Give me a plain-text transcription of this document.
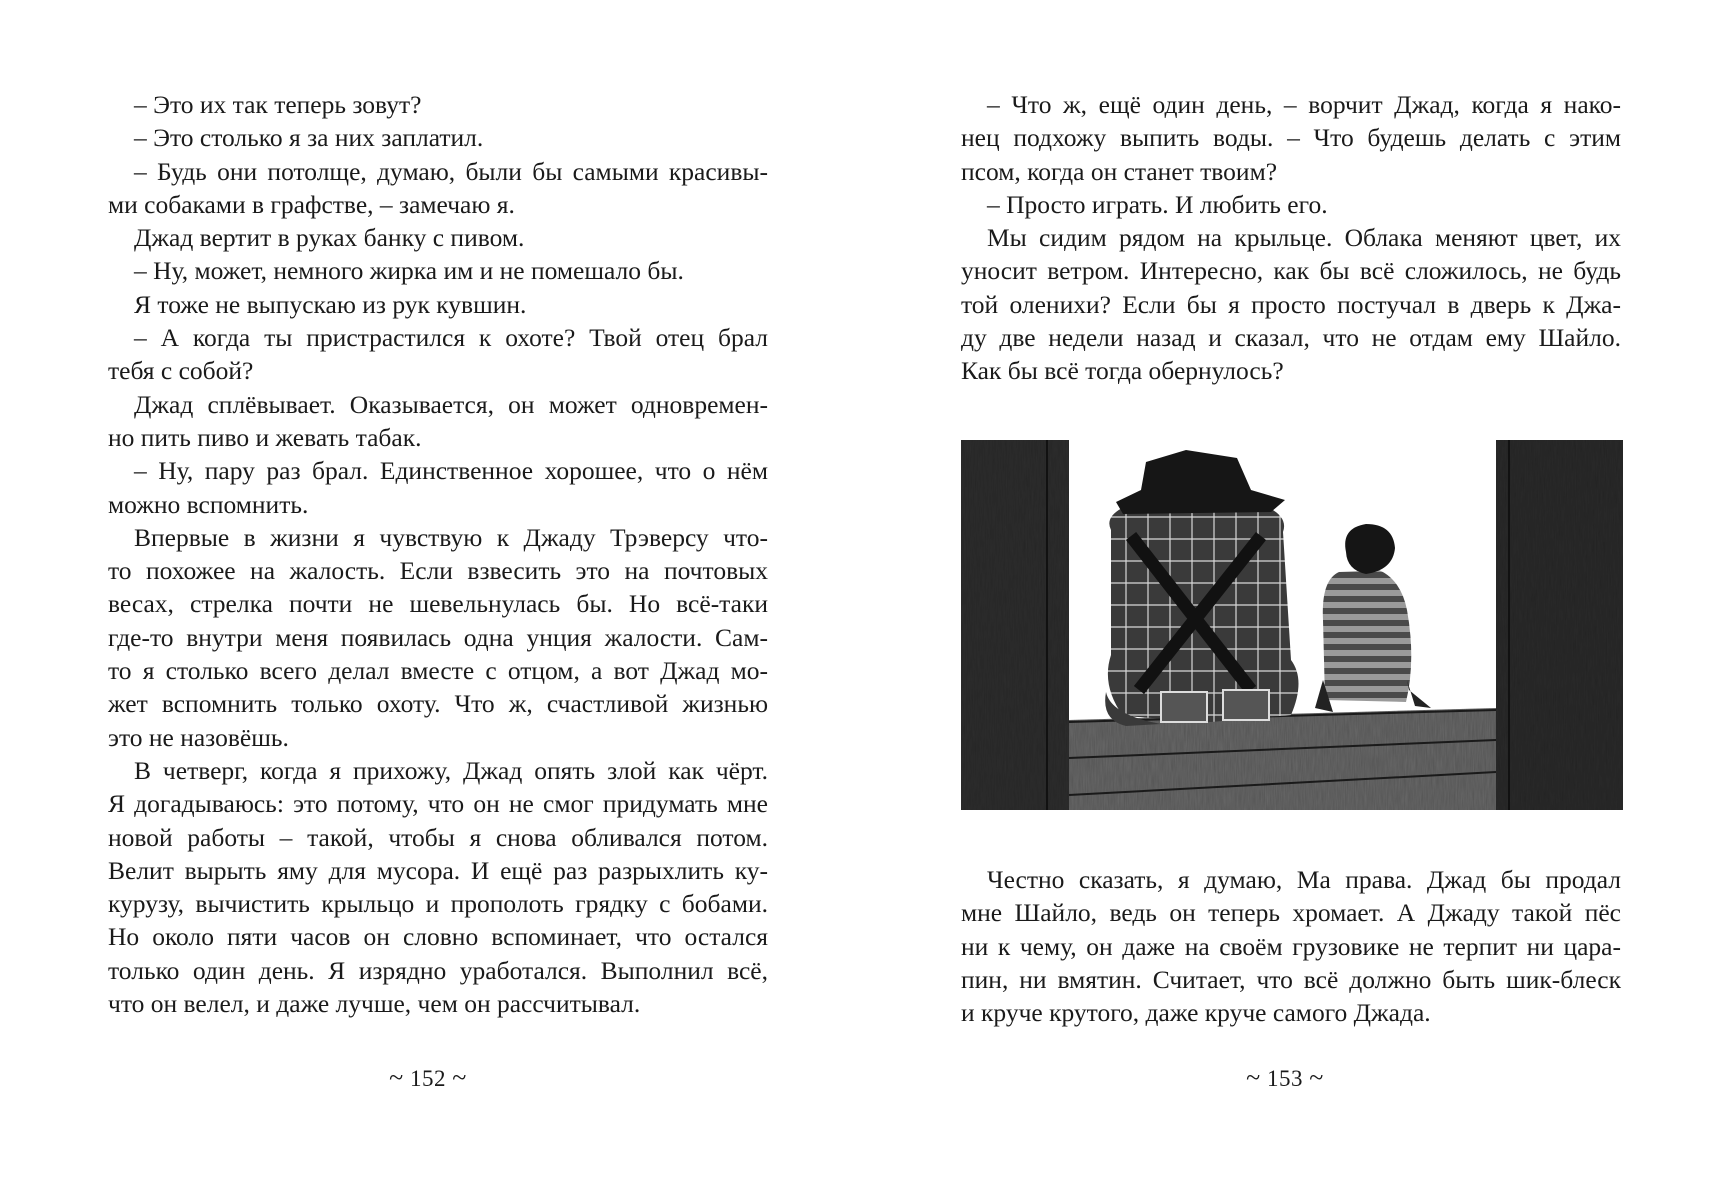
– Это их так теперь зовут?
– Это столько я за них заплатил.
– Будь они потолще, думаю, были бы самыми красивы-
ми собаками в графстве, – замечаю я.
Джад вертит в руках банку с пивом.
– Ну, может, немного жирка им и не помешало бы.
Я тоже не выпускаю из рук кувшин.
– А когда ты пристрастился к охоте? Твой отец брал
тебя с собой?
Джад сплёвывает. Оказывается, он может одновремен-
но пить пиво и жевать табак.
– Ну, пару раз брал. Единственное хорошее, что о нём
можно вспомнить.
Впервые в жизни я чувствую к Джаду Трэверсу что-
то похожее на жалость. Если взвесить это на почтовых
весах, стрелка почти не шевельнулась бы. Но всё-таки
где-то внутри меня появилась одна унция жалости. Сам-
то я столько всего делал вместе с отцом, а вот Джад мо-
жет вспомнить только охоту. Что ж, счастливой жизнью
это не назовёшь.
В четверг, когда я прихожу, Джад опять злой как чёрт.
Я догадываюсь: это потому, что он не смог придумать мне
новой работы – такой, чтобы я снова обливался потом.
Велит вырыть яму для мусора. И ещё раз разрыхлить ку-
курузу, вычистить крыльцо и прополоть грядку с бобами.
Но около пяти часов он словно вспоминает, что остался
только один день. Я изрядно уработался. Выполнил всё,
что он велел, и даже лучше, чем он рассчитывал.
~ 152 ~
– Что ж, ещё один день, – ворчит Джад, когда я нако-
нец подхожу выпить воды. – Что будешь делать с этим
псом, когда он станет твоим?
– Просто играть. И любить его.
Мы сидим рядом на крыльце. Облака меняют цвет, их
уносит ветром. Интересно, как бы всё сложилось, не будь
той оленихи? Если бы я просто постучал в дверь к Джа-
ду две недели назад и сказал, что не отдам ему Шайло.
Как бы всё тогда обернулось?
Честно сказать, я думаю, Ма права. Джад бы продал
мне Шайло, ведь он теперь хромает. А Джаду такой пёс
ни к чему, он даже на своём грузовике не терпит ни цара-
пин, ни вмятин. Считает, что всё должно быть шик-блеск
и круче крутого, даже круче самого Джада.
~ 153 ~
